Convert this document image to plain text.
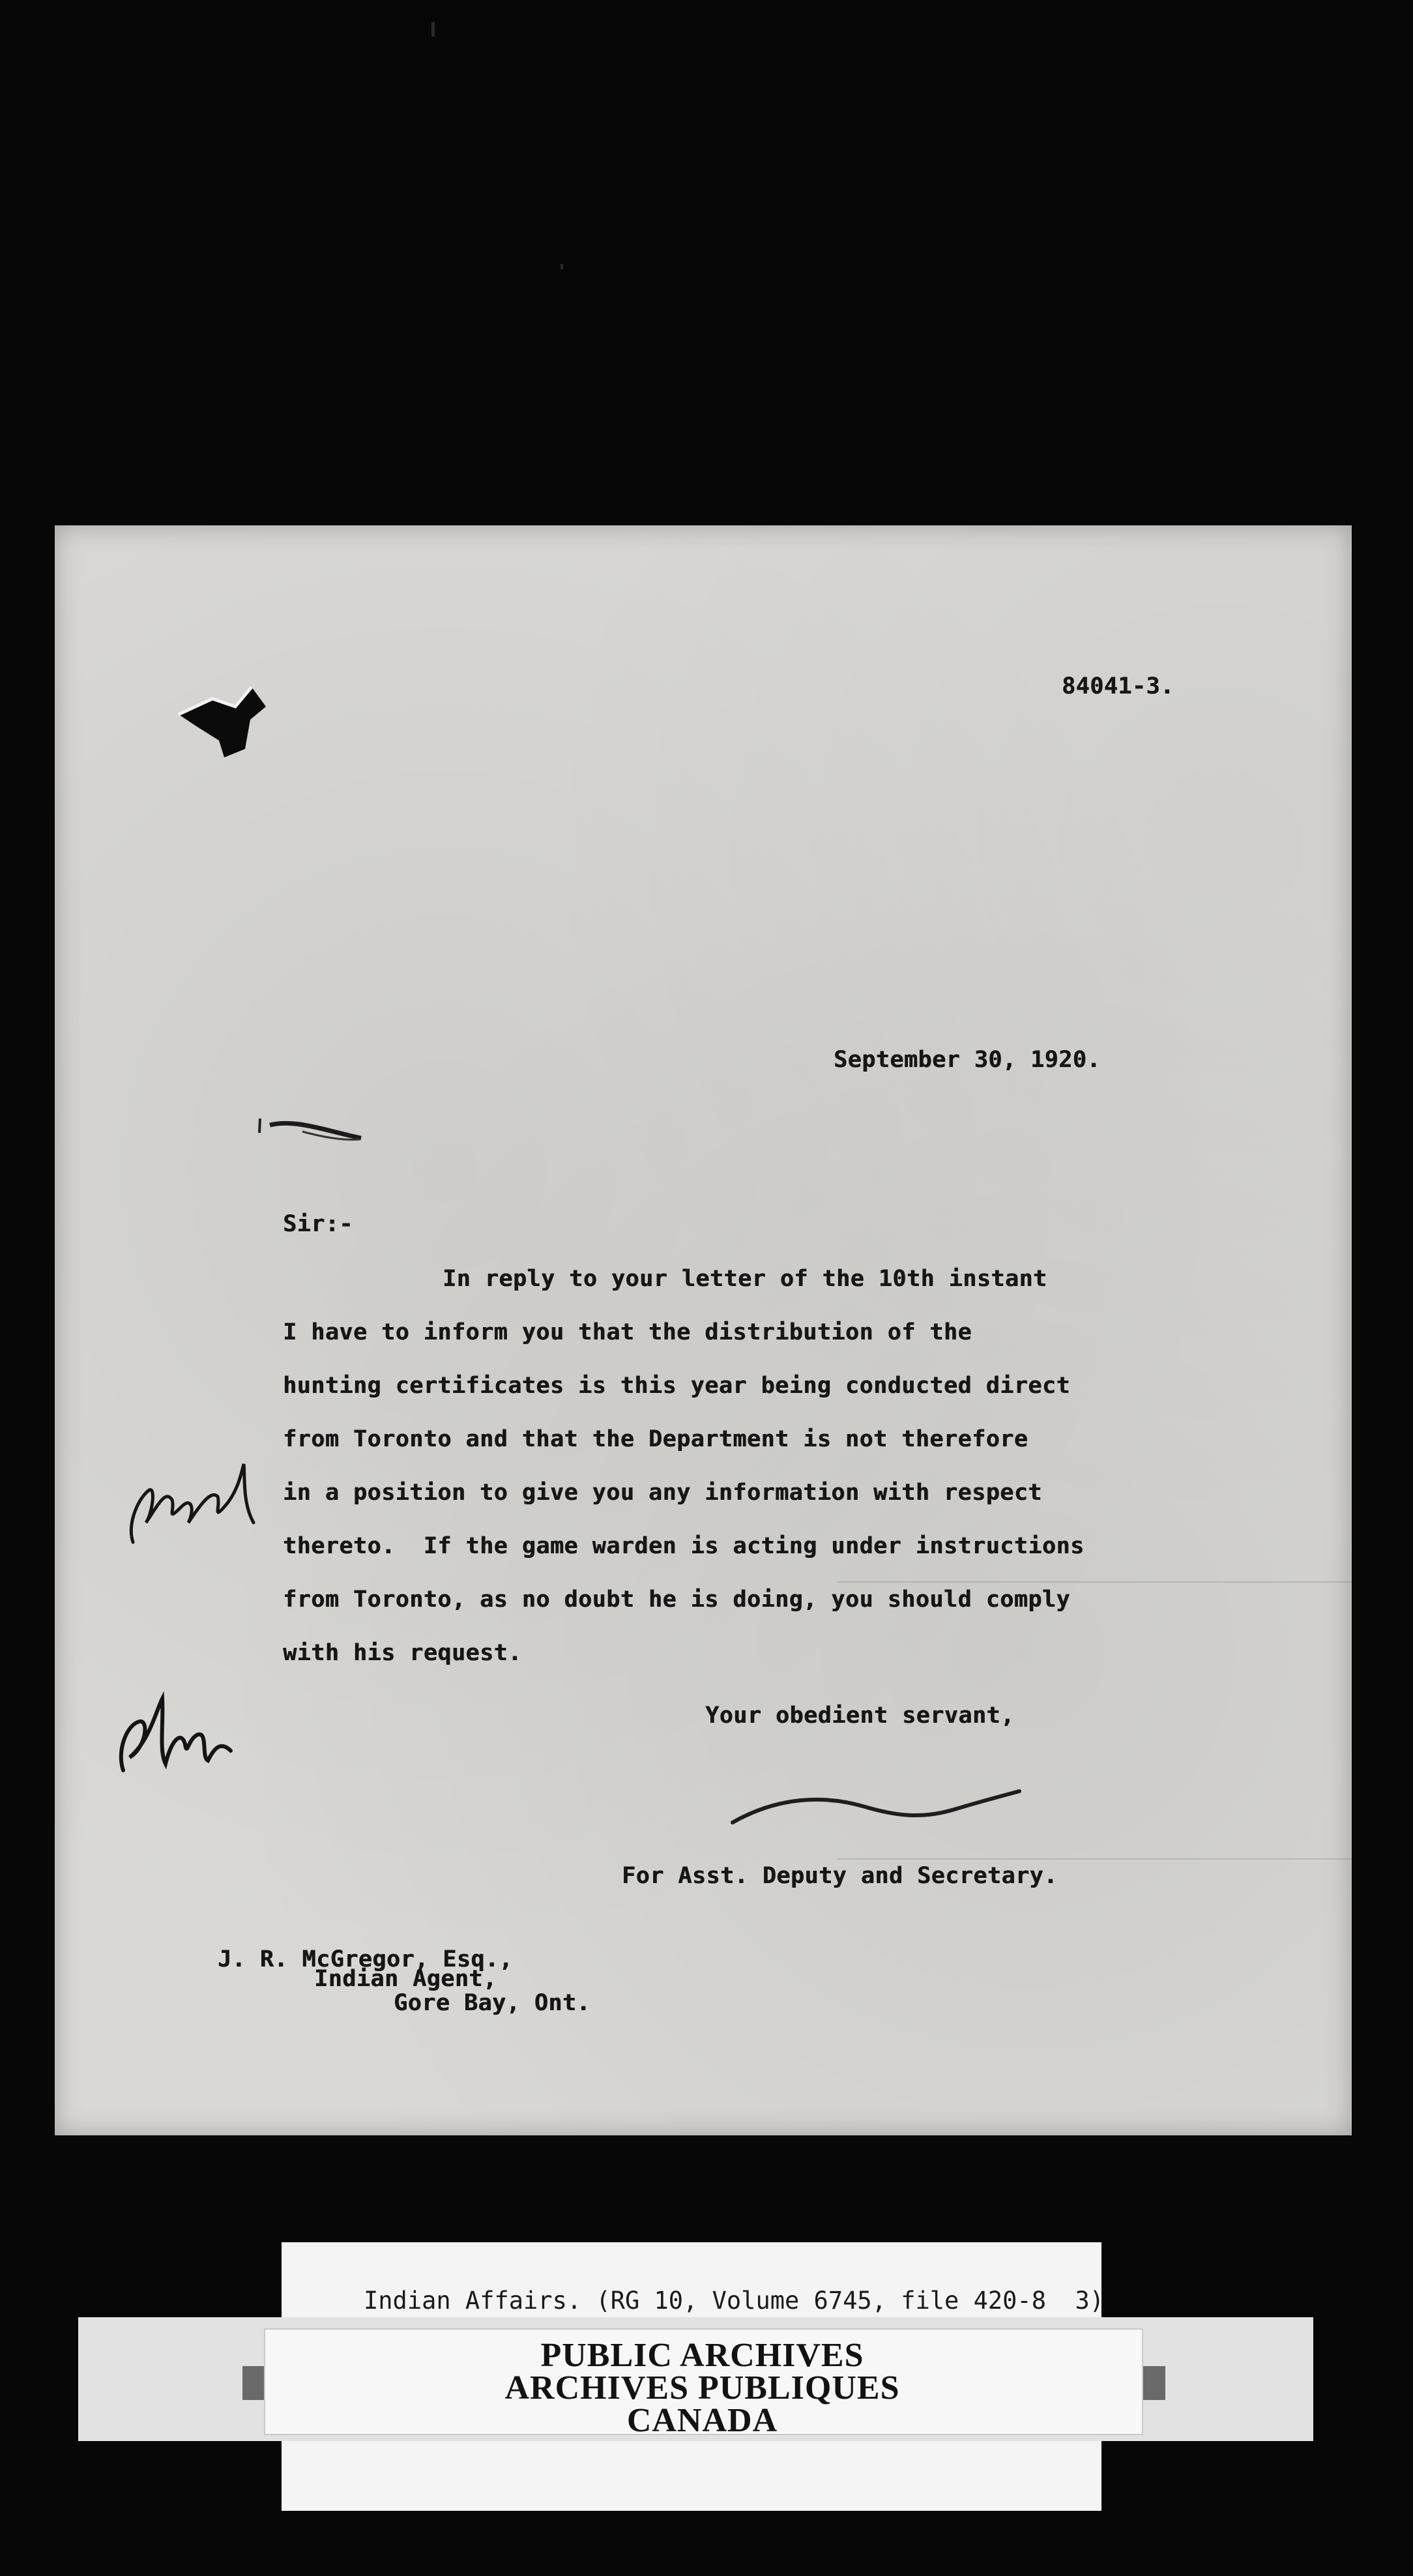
84041-3.
September 30, 1920.
Sir:-
In reply to your letter of the 10th instant
I have to inform you that the distribution of the
hunting certificates is this year being conducted direct
from Toronto and that the Department is not therefore
in a position to give you any information with respect
thereto.  If the game warden is acting under instructions
from Toronto, as no doubt he is doing, you should comply
with his request.
Your obedient servant,
For Asst. Deputy and Secretary.
J. R. McGregor, Esq.,
Indian Agent,
Gore Bay, Ont.
Indian Affairs. (RG 10, Volume 6745, file 420-8  3)
PUBLIC ARCHIVES
ARCHIVES PUBLIQUES
CANADA
